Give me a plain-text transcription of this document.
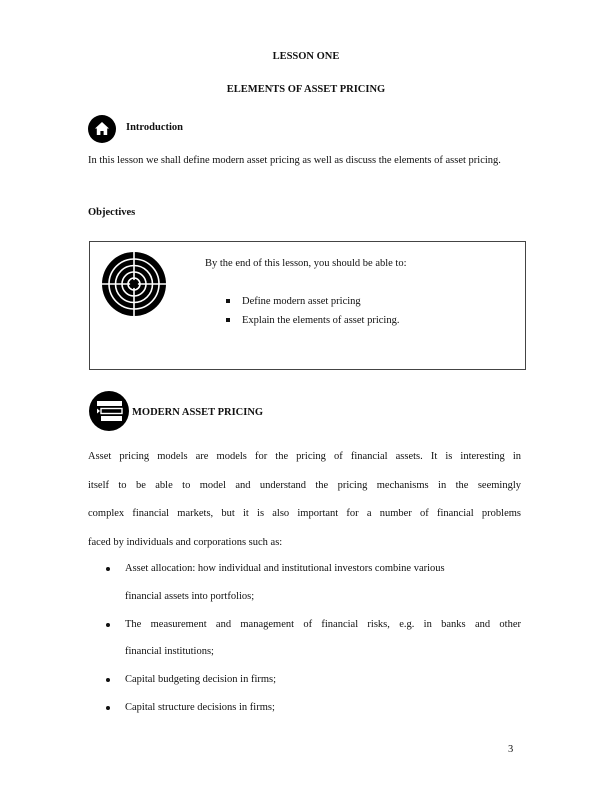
LESSON ONE
ELEMENTS OF ASSET PRICING
Introduction
In this lesson we shall define modern asset pricing as well as discuss the elements of asset pricing.
Objectives
By the end of this lesson, you should be able to:
Define modern asset pricing
Explain the elements of asset pricing.
MODERN ASSET PRICING
Asset pricing models are models for the pricing of financial assets. It is interesting in
itself to be able to model and understand the pricing mechanisms in the seemingly
complex financial markets, but it is also important for a number of financial problems
faced by individuals and corporations such as:
Asset allocation: how individual and institutional investors combine various
financial assets into portfolios;
The measurement and management of financial risks, e.g. in banks and other
financial institutions;
Capital budgeting decision in firms;
Capital structure decisions in firms;
3
